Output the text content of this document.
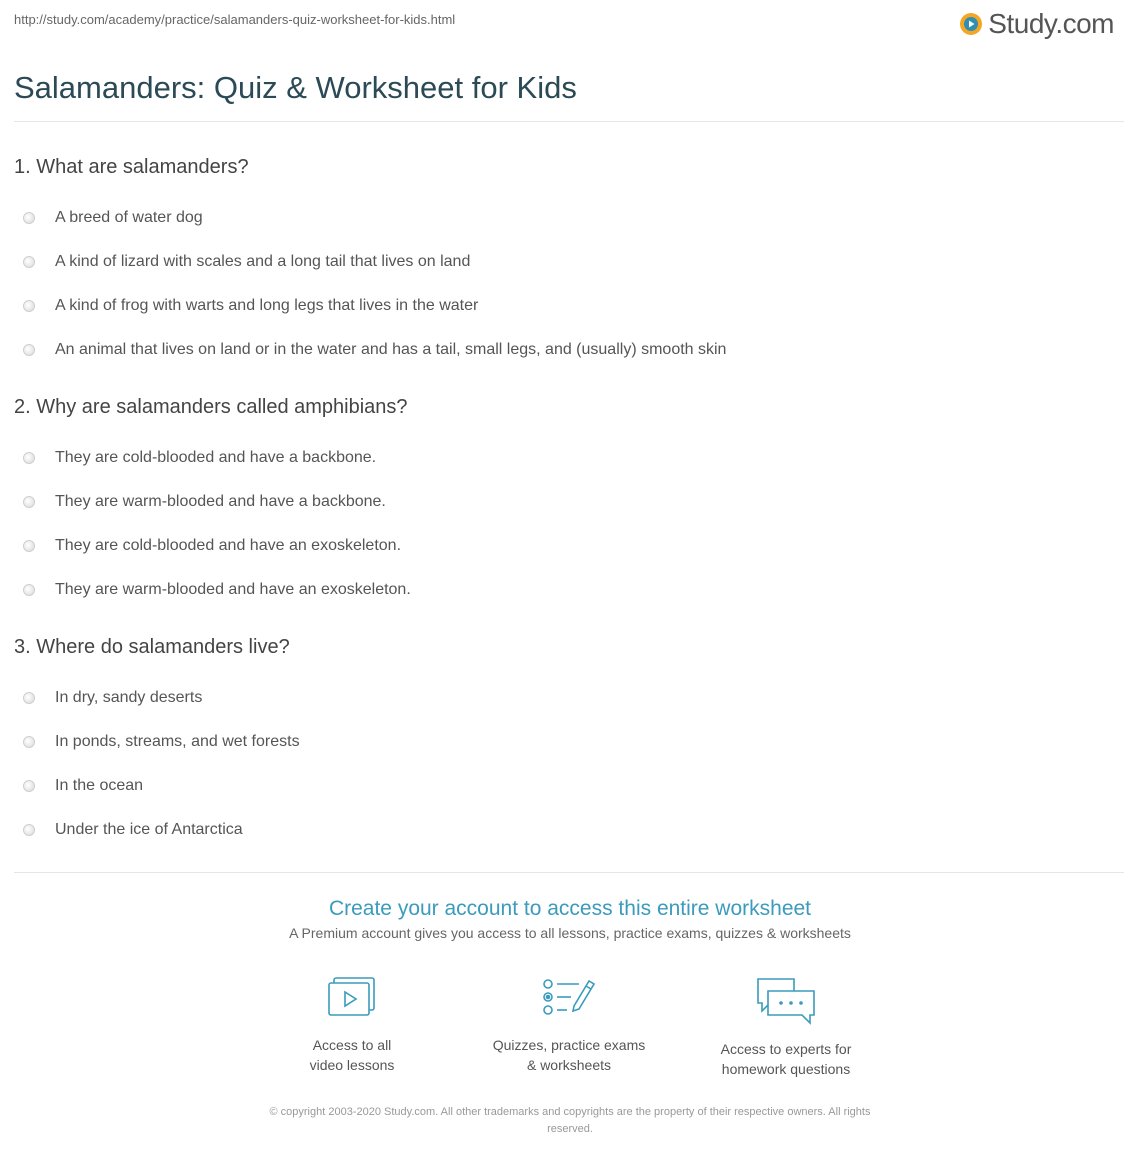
http://study.com/academy/practice/salamanders-quiz-worksheet-for-kids.html	Study.com
Salamanders: Quiz & Worksheet for Kids
1. What are salamanders?
A breed of water dog
A kind of lizard with scales and a long tail that lives on land
A kind of frog with warts and long legs that lives in the water
An animal that lives on land or in the water and has a tail, small legs, and (usually) smooth skin
2. Why are salamanders called amphibians?
They are cold-blooded and have a backbone.
They are warm-blooded and have a backbone.
They are cold-blooded and have an exoskeleton.
They are warm-blooded and have an exoskeleton.
3. Where do salamanders live?
In dry, sandy deserts
In ponds, streams, and wet forests
In the ocean
Under the ice of Antarctica

Create your account to access this entire worksheet

A Premium account gives you access to all lessons, practice exams, quizzes & worksheets
Access to all
video lessons
Quizzes, practice exams
& worksheets
Access to experts for
homework questions
© copyright 2003-2020 Study.com. All other trademarks and copyrights are the property of their respective owners. All rights
reserved.
